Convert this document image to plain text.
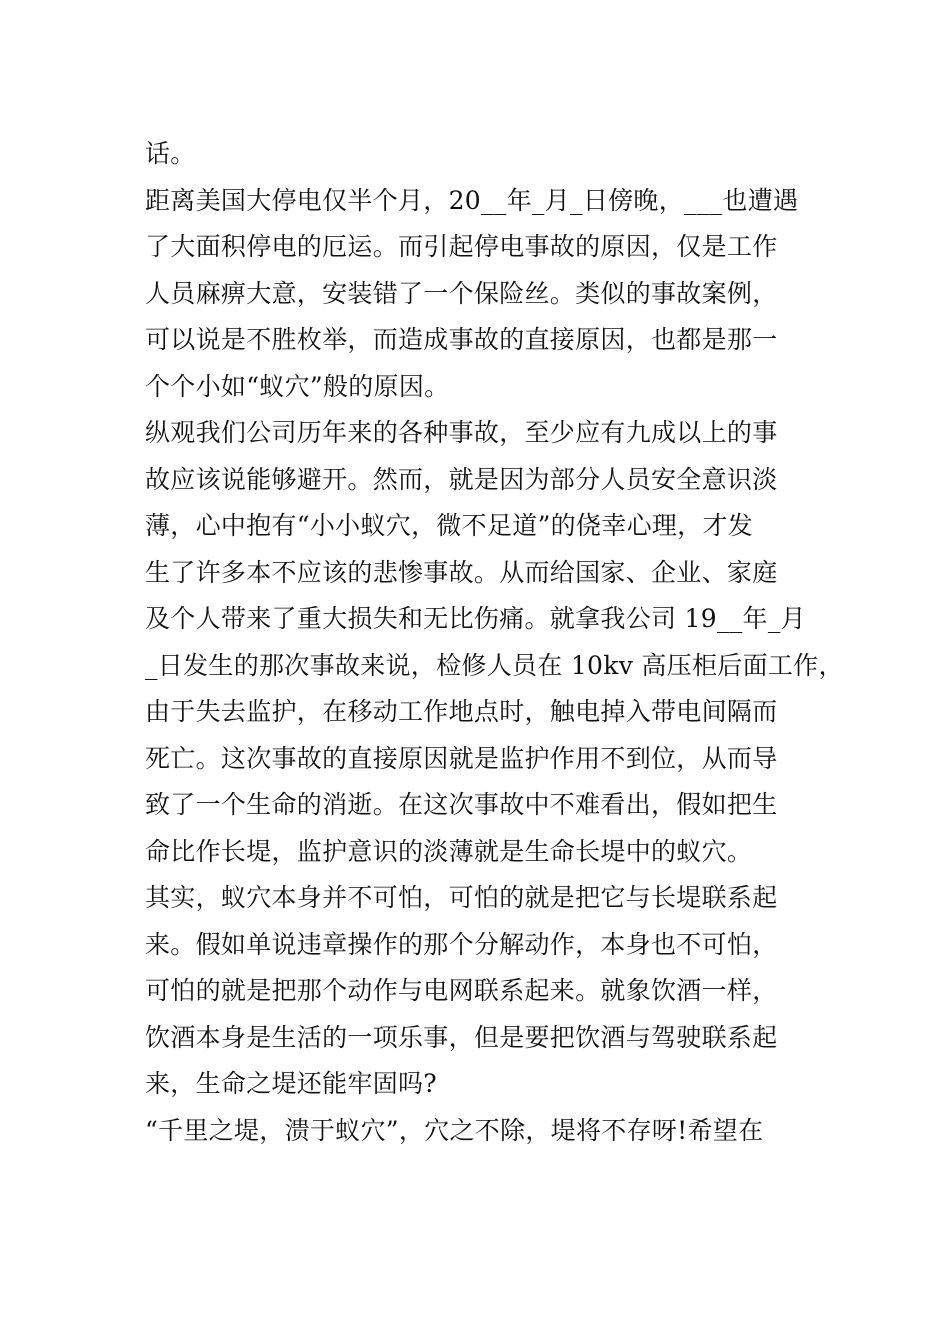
话。
距离美国大停电仅半个月，20__年_月_日傍晚，___也遭遇
了大面积停电的厄运。而引起停电事故的原因，仅是工作
人员麻痹大意，安装错了一个保险丝。类似的事故案例，
可以说是不胜枚举，而造成事故的直接原因，也都是那一
个个小如“蚁穴”般的原因。
纵观我们公司历年来的各种事故，至少应有九成以上的事
故应该说能够避开。然而，就是因为部分人员安全意识淡
薄，心中抱有“小小蚁穴，微不足道”的侥幸心理，才发
生了许多本不应该的悲惨事故。从而给国家、企业、家庭
及个人带来了重大损失和无比伤痛。就拿我公司 19__年_月
_日发生的那次事故来说，检修人员在 10kv 高压柜后面工作，
由于失去监护，在移动工作地点时，触电掉入带电间隔而
死亡。这次事故的直接原因就是监护作用不到位，从而导
致了一个生命的消逝。在这次事故中不难看出，假如把生
命比作长堤，监护意识的淡薄就是生命长堤中的蚁穴。
其实，蚁穴本身并不可怕，可怕的就是把它与长堤联系起
来。假如单说违章操作的那个分解动作，本身也不可怕，
可怕的就是把那个动作与电网联系起来。就象饮酒一样，
饮酒本身是生活的一项乐事，但是要把饮酒与驾驶联系起
来，生命之堤还能牢固吗?
“千里之堤，溃于蚁穴”，穴之不除，堤将不存呀!希望在
